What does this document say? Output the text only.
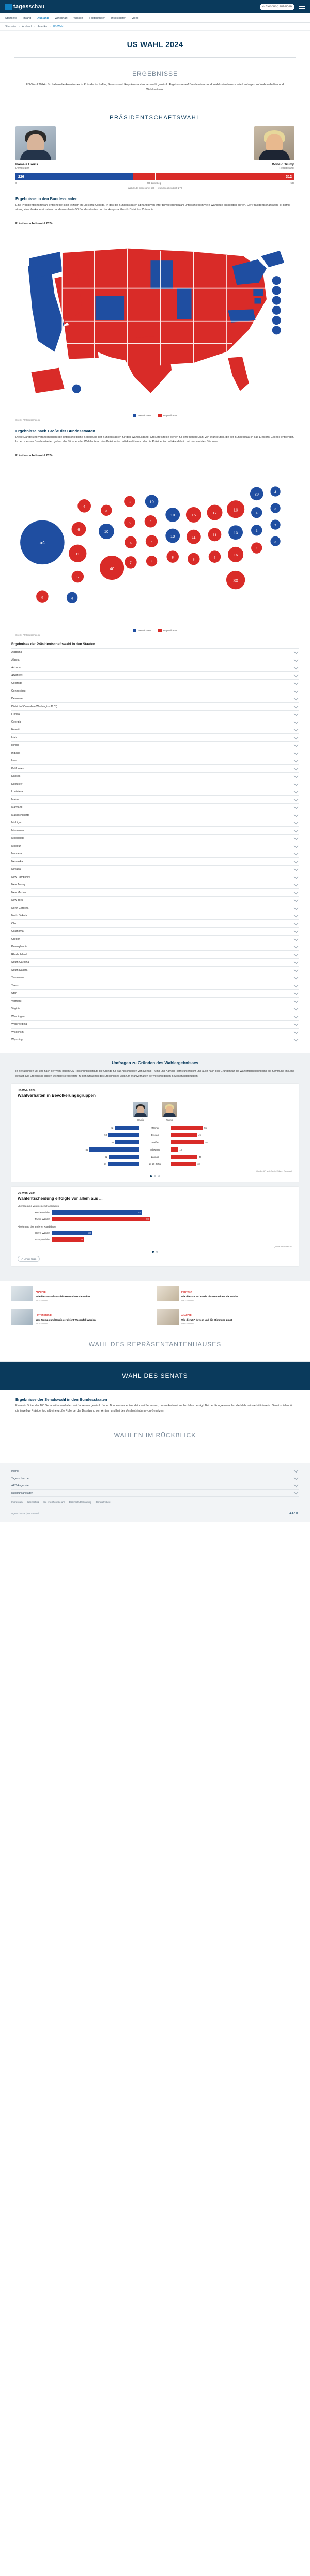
tagesschau	⚲ Sendung anzeigen
Startseite Inland Ausland Wirtschaft Wissen Faktenfinder Investigativ Video
Startseite › Ausland › Amerika › US-Wahl
US WAHL 2024
ERGEBNISSE
US-Wahl 2024 - So haben die Amerikaner in Präsidentschafts-, Senats- und Repräsentantenhauswahl gewählt. Ergebnisse auf Bundesstaat- und Wahlkreisebene sowie Umfragen zu Wahlverhalten und Wahlmotiven.
PRÄSIDENTSCHAFTSWAHL
Kamala Harris
Demokraten
Donald Trump
Republikaner
226	312
0	270 zum Sieg	538
Wahlleute insgesamt: 538 — zum Sieg benötigt: 270
Ergebnisse in den Bundesstaaten
Eine Präsidentschaftswahl entscheidet sich letztlich im Electoral College. In das die Bundesstaaten abhängig von ihrer Bevölkerungszahl unterschiedlich viele Wahlleute entsenden dürfen. Der Präsidentschaftswahl ist damit streng eine Kaskade einzelner Landeswahlen in 50 Bundesstaaten und im Hauptstadtbezirk District of Columbia.
Präsidentschaftswahl 2024
Demokraten	Republikaner
Quelle: AP/tagesschau.de
Ergebnisse nach Größe der Bundesstaaten
Diese Darstellung veranschaulicht die unterschiedliche Bedeutung der Bundesstaaten für den Wahlausgang. Größere Kreise stehen für eine höhere Zahl von Wahlleuten, die der Bundesstaat in das Electoral College entsendet. In den meisten Bundesstaaten gehen alle Stimmen der Wahlleute an den Präsidentschaftskandidaten oder die Präsidentschaftskandidatin mit den meisten Stimmen.
Präsidentschaftswahl 2024
54
4
6
11
5
3
10
40
3
6
6
7
10
6
6
4
10
19
8
15
11
8
17
11
9
19
13
16
30
28
4
3
4
4
3
7
3
3	4
Demokraten	Republikaner
Quelle: AP/tagesschau.de
Ergebnisse der Präsidentschaftswahl in den Staaten
Alabama
Alaska
Arizona
Arkansas
Colorado
Connecticut
Delaware
District of Columbia (Washington D.C.)
Florida
Georgia
Hawaii
Idaho
Illinois
Indiana
Iowa
Kalifornien
Kansas
Kentucky
Louisiana
Maine
Maryland
Massachusetts
Michigan
Minnesota
Mississippi
Missouri
Montana
Nebraska
Nevada
New Hampshire
New Jersey
New Mexico
New York
North Carolina
North Dakota
Ohio
Oklahoma
Oregon
Pennsylvania
Rhode Island
South Carolina
South Dakota
Tennessee
Texas
Utah
Vermont
Virginia
Washington
West Virginia
Wisconsin
Wyoming
Umfragen zu Gründen des Wahlergebnisses
In Befragungen vor und nach der Wahl haben US-Forschungsinstitute die Gründe für das Abschneiden von Donald Trump und Kamala Harris untersucht und auch nach den Gründen für die Wahlentscheidung und die Stimmung im Land gefragt. Die Ergebnisse lassen wichtige Kernbegriffe zu den Ursachen des Ergebnisses und zum Wahlverhalten der verschiedenen Bevölkerungsgruppen.
US-Wahl 2024
Wahlverhalten in Bevölkerungsgruppen
Harris	Trump
42	Männer	55
53	Frauen	45
41	Weiße	57
86	Schwarze	12
52	Latinos	46
54	18-29 Jahre	43
Quelle: AP VoteCast / Edison Research
US-Wahl 2024
Wahlentscheidung erfolgte vor allem aus ...
Überzeugung von meinem Kandidaten
Harris-Wähler	67
Trump-Wähler	73
Ablehnung des anderen Kandidaten
Harris-Wähler	30
Trump-Wähler	24
Quelle: AP VoteCast
↗ Artikel teilen
ANALYSE
Wie die USA auf Kurs blicken und wer sie wählte
vor 2 Stunden
PORTRÄT
Wie die USA auf Harris blicken und wer sie wählte
vor 3 Stunden
HINTERGRUND
Was Trumps und Harris vergleicht Wasserfall werden
vor 5 Stunden
ANALYSE
Wie die USA bewegt und die Stimmung prägt
vor 6 Stunden
WAHL DES REPRÄSENTANTENHAUSES
WAHL DES SENATS
Ergebnisse der Senatswahl in den Bundesstaaten
Etwa ein Drittel der 100 Senatssitze wird alle zwei Jahre neu gewählt. Jeder Bundesstaat entsendet zwei Senatoren, deren Amtszeit sechs Jahre beträgt. Bei der Kongresswahlen die Mehrheitsverhältnisse im Senat spielen für die jeweilige Präsidentschaft eine große Rolle bei der Besetzung von Ämtern und bei der Verabschiedung von Gesetzen.
WAHLEN IM RÜCKBLICK
Inland
Tagesschau.de
ARD-Angebote
Rundfunkanstalten
Impressum Datenschutz Sie erreichen Sie uns Datenschutzerklärung Barrierefreiheit
tagesschau.de | ARD-aktuell	ARD
